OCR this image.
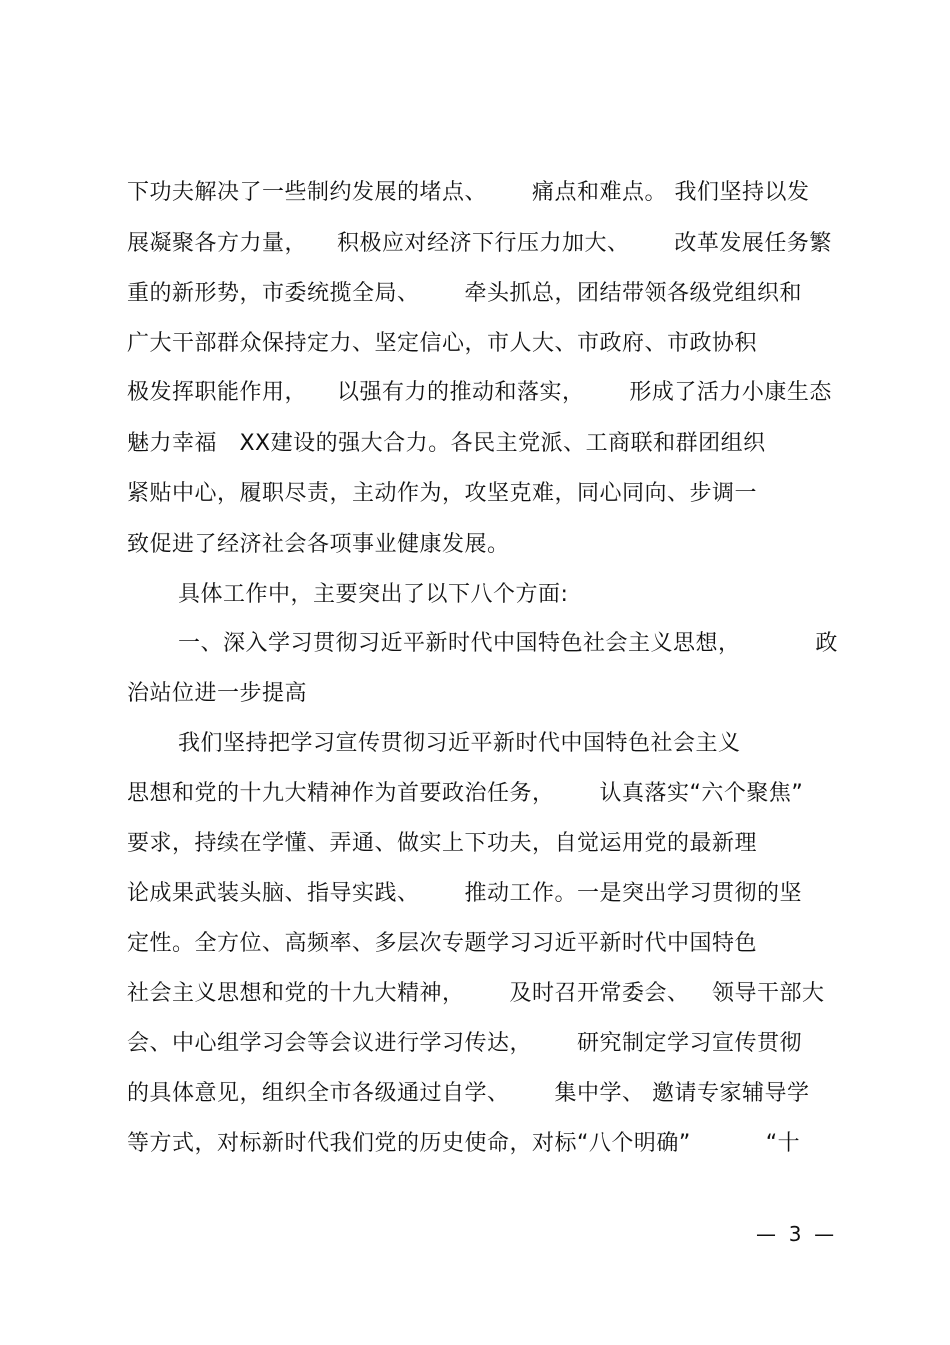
下功夫解决了一些制约发展的堵点、      痛点和难点。 我们坚持以发
展凝聚各方力量，    积极应对经济下行压力加大、      改革发展任务繁
重的新形势，市委统揽全局、      牵头抓总，团结带领各级党组织和
广大干部群众保持定力、坚定信心，市人大、市政府、市政协积
极发挥职能作用，    以强有力的推动和落实，      形成了活力小康生态
魅力幸福   XX建设的强大合力。各民主党派、工商联和群团组织
紧贴中心，履职尽责，主动作为，攻坚克难，同心同向、步调一
致促进了经济社会各项事业健康发展。
具体工作中，主要突出了以下八个方面:
一、深入学习贯彻习近平新时代中国特色社会主义思想，          政
治站位进一步提高
我们坚持把学习宣传贯彻习近平新时代中国特色社会主义
思想和党的十九大精神作为首要政治任务，      认真落实“六个聚焦”
要求，持续在学懂、弄通、做实上下功夫，自觉运用党的最新理
论成果武装头脑、指导实践、      推动工作。一是突出学习贯彻的坚
定性。全方位、高频率、多层次专题学习习近平新时代中国特色
社会主义思想和党的十九大精神，      及时召开常委会、   领导干部大
会、中心组学习会等会议进行学习传达，      研究制定学习宣传贯彻
的具体意见，组织全市各级通过自学、      集中学、 邀请专家辅导学
等方式，对标新时代我们党的历史使命，对标“八个明确”          “十
—  3  —
